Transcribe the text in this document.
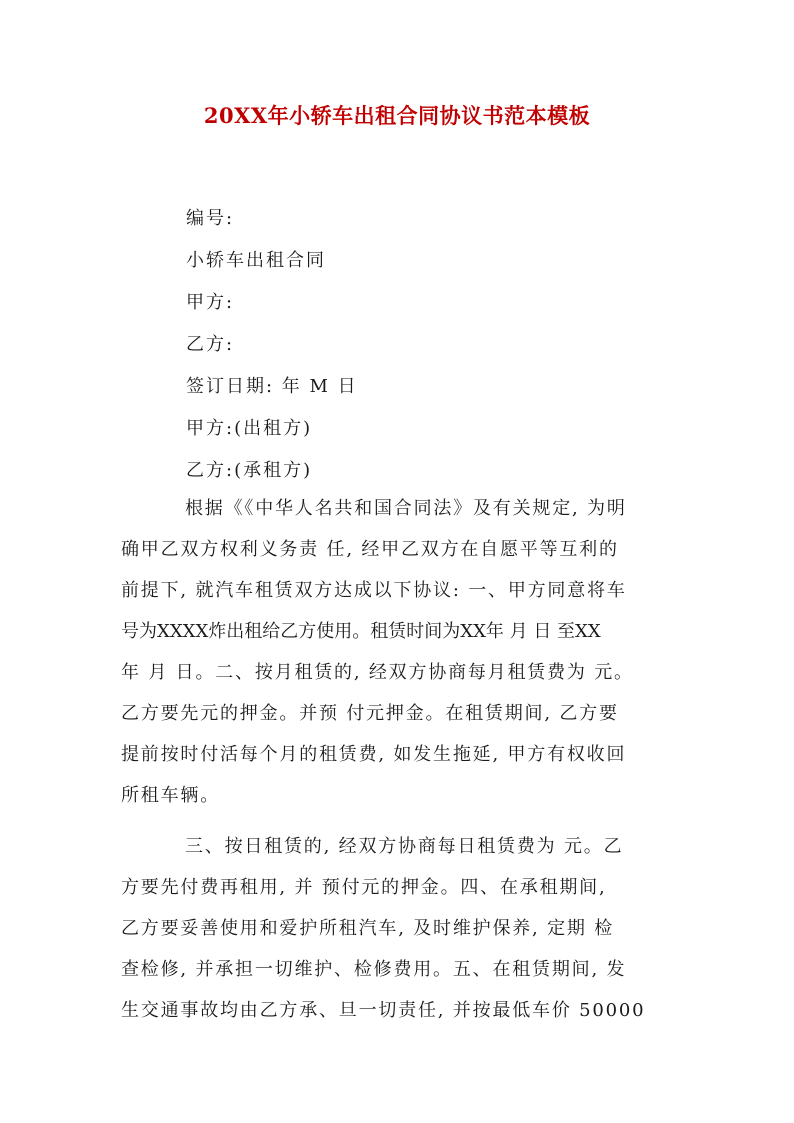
20XX年小轿车出租合同协议书范本模板
编号:
小轿车出租合同
甲方:
乙方:
签订日期: 年 M 日
甲方:(出租方)
乙方:(承租方)
根据《《中华人名共和国合同法》及有关规定, 为明
确甲乙双方权利义务责 任, 经甲乙双方在自愿平等互利的
前提下, 就汽车租赁双方达成以下协议: 一、甲方同意将车
号为XXXX炸出租给乙方使用。租赁时间为XX年 月 日 至XX
年 月 日。二、按月租赁的, 经双方协商每月租赁费为 元。
乙方要先元的押金。并预 付元押金。在租赁期间, 乙方要
提前按时付活每个月的租赁费, 如发生拖延, 甲方有权收回
所租车辆。
三、按日租赁的, 经双方协商每日租赁费为 元。乙
方要先付费再租用, 并 预付元的押金。四、在承租期间,
乙方要妥善使用和爱护所租汽车, 及时维护保养, 定期 检
查检修, 并承担一切维护、检修费用。五、在租赁期间, 发
生交通事故均由乙方承、旦一切责任, 并按最低车价 50000
